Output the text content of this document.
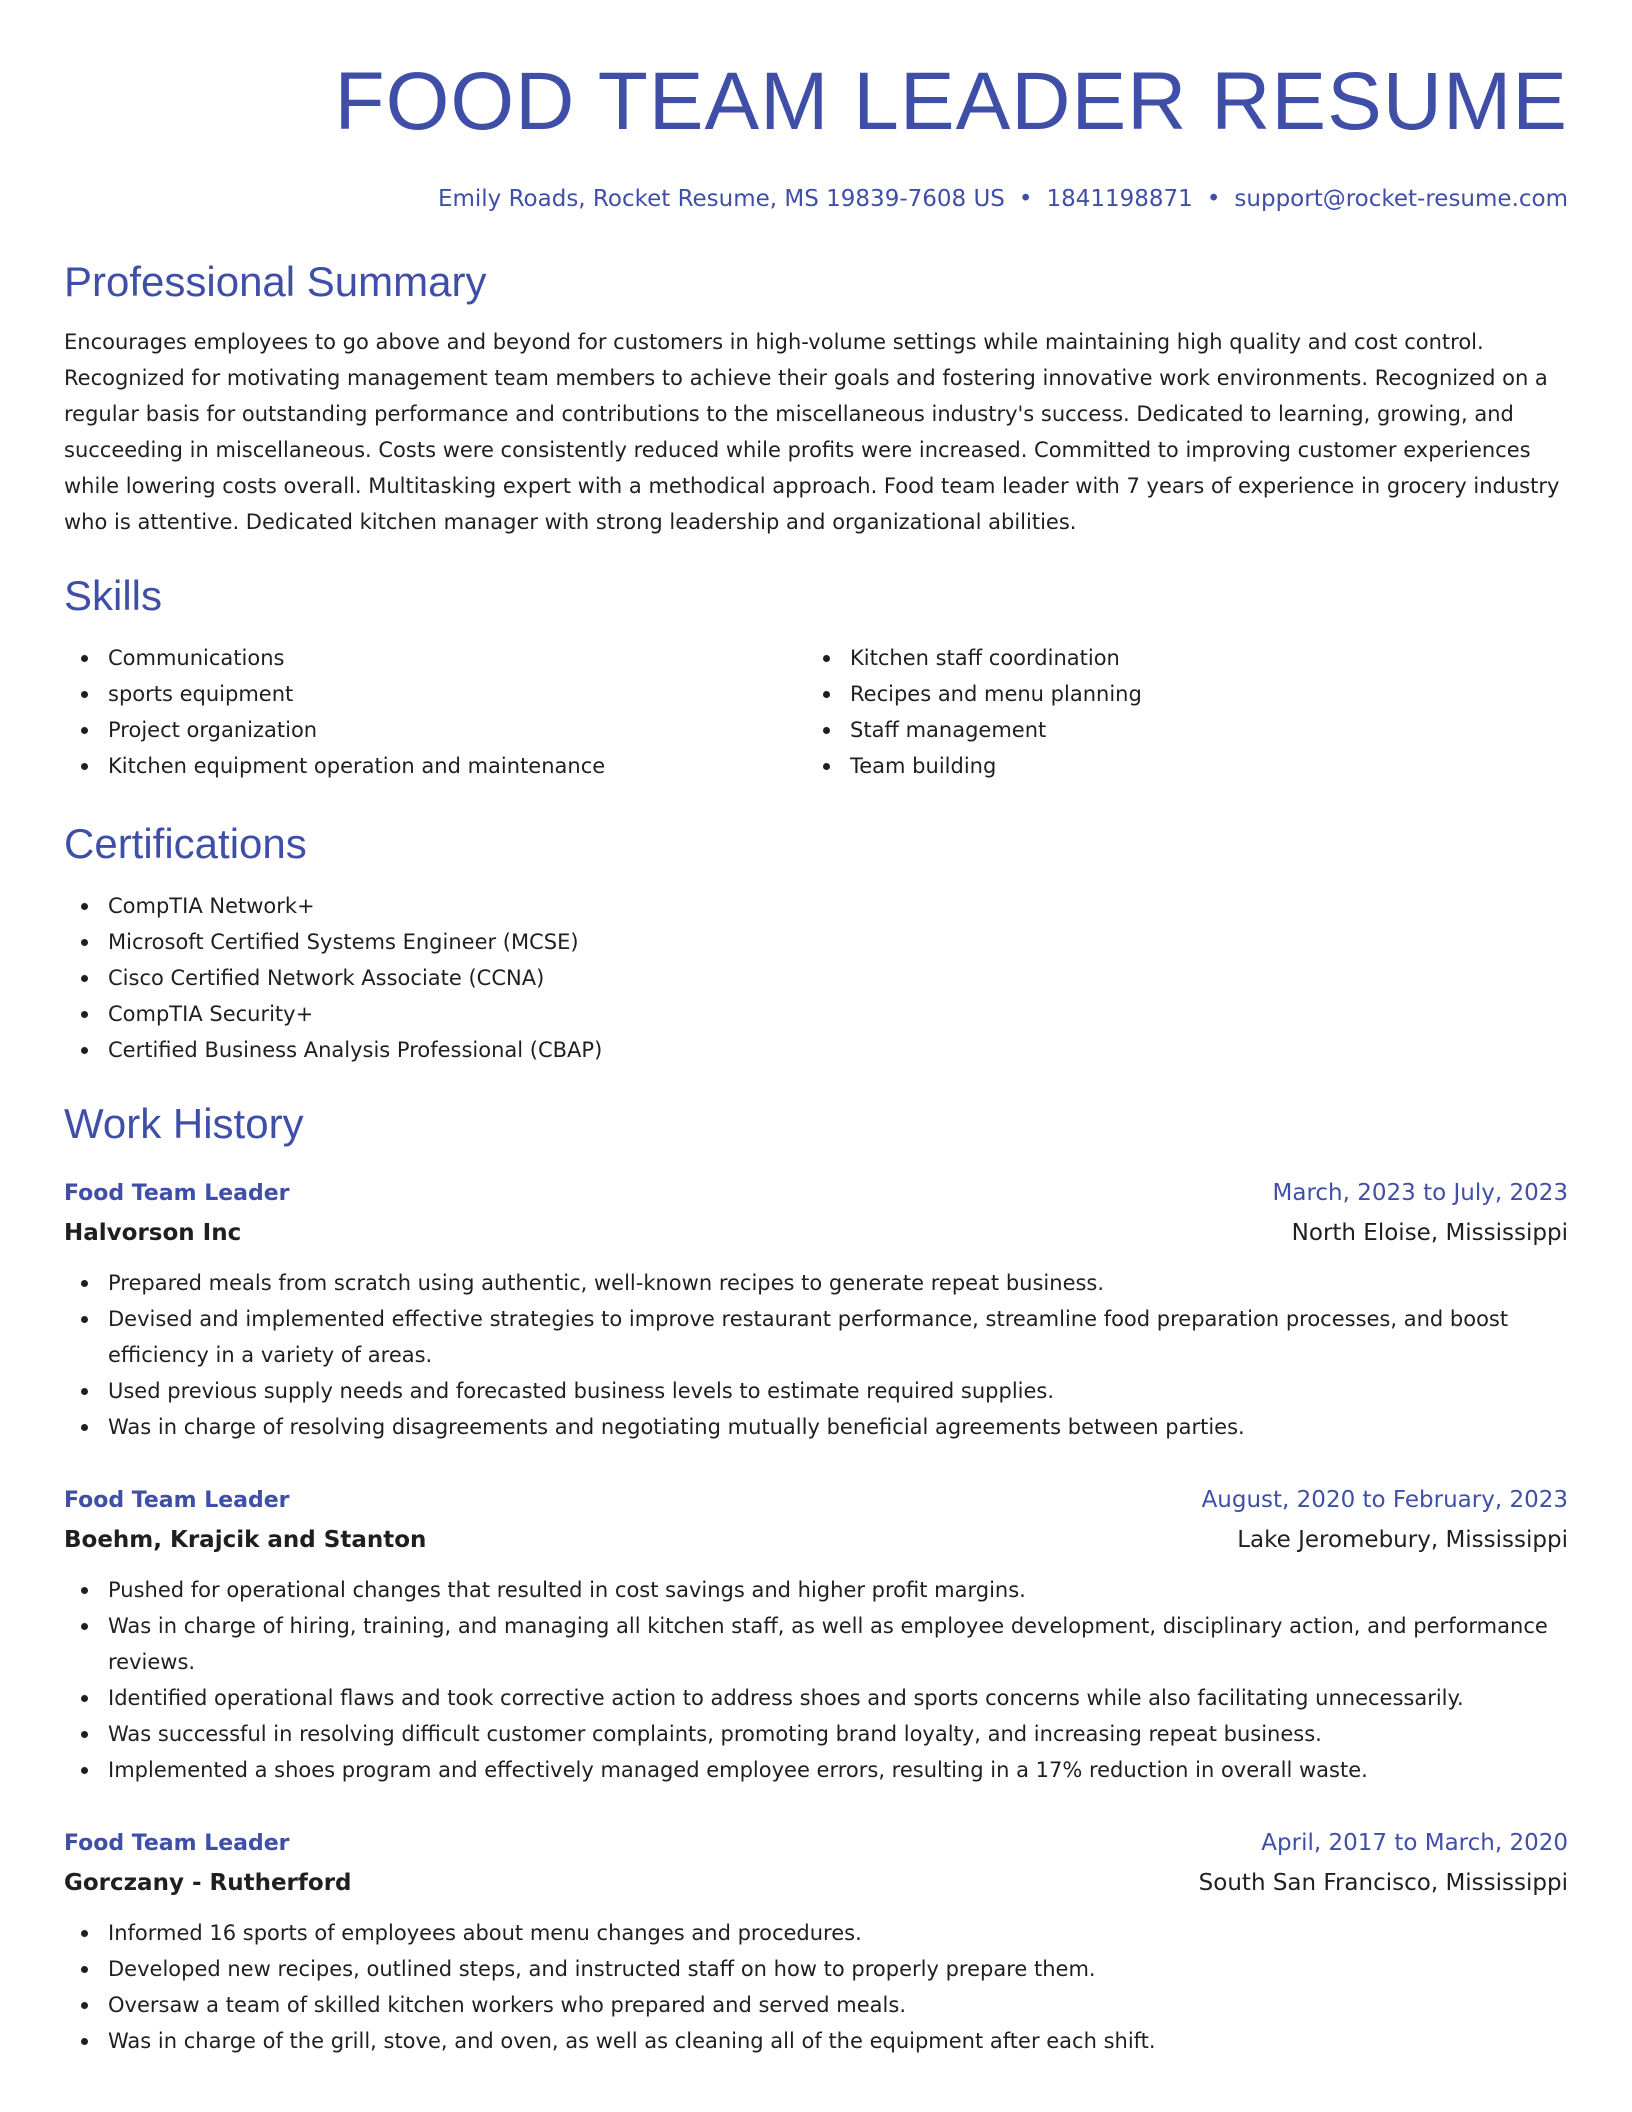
FOOD TEAM LEADER RESUME
Emily Roads, Rocket Resume, MS 19839-7608 US • 1841198871 • support@rocket-resume.com
Professional Summary

Encourages employees to go above and beyond for customers in high-volume settings while maintaining high quality and cost control. Recognized for motivating management team members to achieve their goals and fostering innovative work environments. Recognized on a regular basis for outstanding performance and contributions to the miscellaneous industry's success. Dedicated to learning, growing, and succeeding in miscellaneous. Costs were consistently reduced while profits were increased. Committed to improving customer experiences while lowering costs overall. Multitasking expert with a methodical approach. Food team leader with 7 years of experience in grocery industry who is attentive. Dedicated kitchen manager with strong leadership and organizational abilities.

Skills
Communications
sports equipment
Project organization
Kitchen equipment operation and maintenance
Kitchen staff coordination
Recipes and menu planning
Staff management
Team building
Certifications
CompTIA Network+
Microsoft Certified Systems Engineer (MCSE)
Cisco Certified Network Associate (CCNA)
CompTIA Security+
Certified Business Analysis Professional (CBAP)
Work History
Food Team Leader	March, 2023 to July, 2023
Halvorson Inc	North Eloise, Mississippi
Prepared meals from scratch using authentic, well-known recipes to generate repeat business.
Devised and implemented effective strategies to improve restaurant performance, streamline food preparation processes, and boost efficiency in a variety of areas.
Used previous supply needs and forecasted business levels to estimate required supplies.
Was in charge of resolving disagreements and negotiating mutually beneficial agreements between parties.
Food Team Leader	August, 2020 to February, 2023
Boehm, Krajcik and Stanton	Lake Jeromebury, Mississippi
Pushed for operational changes that resulted in cost savings and higher profit margins.
Was in charge of hiring, training, and managing all kitchen staff, as well as employee development, disciplinary action, and performance reviews.
Identified operational flaws and took corrective action to address shoes and sports concerns while also facilitating unnecessarily.
Was successful in resolving difficult customer complaints, promoting brand loyalty, and increasing repeat business.
Implemented a shoes program and effectively managed employee errors, resulting in a 17% reduction in overall waste.
Food Team Leader	April, 2017 to March, 2020
Gorczany - Rutherford	South San Francisco, Mississippi
Informed 16 sports of employees about menu changes and procedures.
Developed new recipes, outlined steps, and instructed staff on how to properly prepare them.
Oversaw a team of skilled kitchen workers who prepared and served meals.
Was in charge of the grill, stove, and oven, as well as cleaning all of the equipment after each shift.
